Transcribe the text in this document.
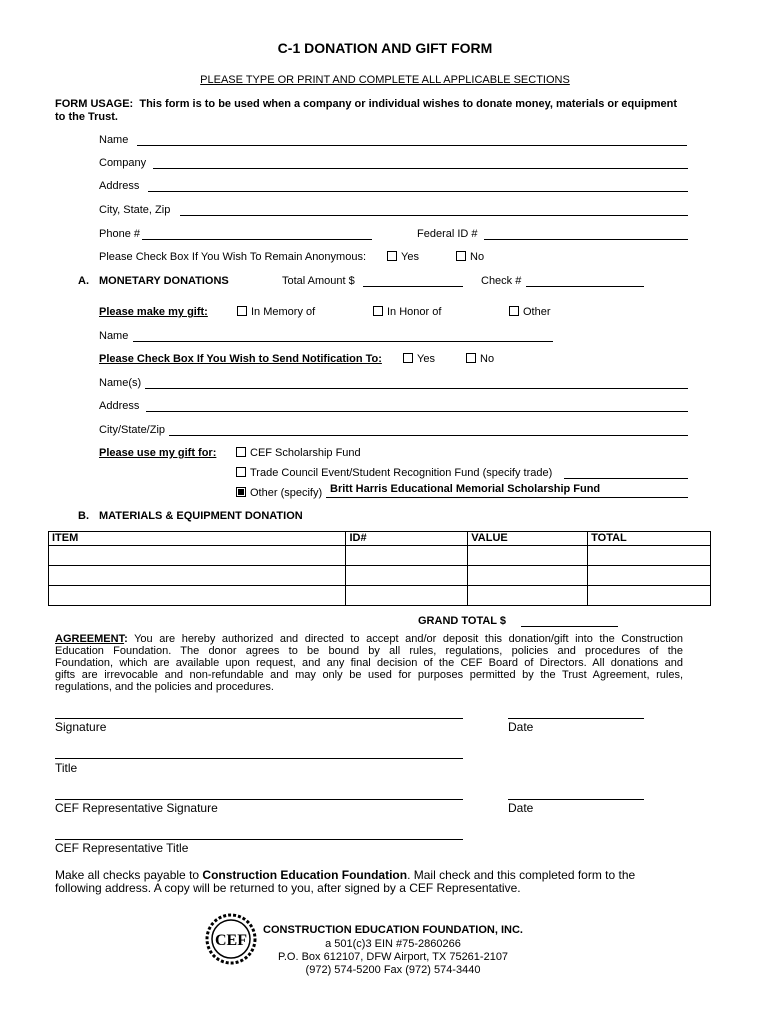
C-1 DONATION AND GIFT FORM
PLEASE TYPE OR PRINT AND COMPLETE ALL APPLICABLE SECTIONS
FORM USAGE: This form is to be used when a company or individual wishes to donate money, materials or equipment
to the Trust.
Name
Company
Address
City, State, Zip
Phone #	Federal ID #
Please Check Box If You Wish To Remain Anonymous:	Yes	No
A. MONETARY DONATIONS	Total Amount $	Check #
Please make my gift:	In Memory of	In Honor of	Other
Name
Please Check Box If You Wish to Send Notification To:	Yes	No
Name(s)
Address
City/State/Zip
Please use my gift for:	CEF Scholarship Fund
Trade Council Event/Student Recognition Fund (specify trade)
Other (specify) Britt Harris Educational Memorial Scholarship Fund
B. MATERIALS & EQUIPMENT DONATION
ITEM	ID#	VALUE	TOTAL

GRAND TOTAL $
AGREEMENT: You are hereby authorized and directed to accept and/or deposit this donation/gift into the Construction
Education Foundation. The donor agrees to be bound by all rules, regulations, policies and procedures of the
Foundation, which are available upon request, and any final decision of the CEF Board of Directors. All donations and
gifts are irrevocable and non-refundable and may only be used for purposes permitted by the Trust Agreement, rules,
regulations, and the policies and procedures.
Signature	Date
Title
CEF Representative Signature	Date
CEF Representative Title
Make all checks payable to Construction Education Foundation. Mail check and this completed form to the
following address. A copy will be returned to you, after signed by a CEF Representative.
CEF
CONSTRUCTION EDUCATION FOUNDATION, INC.
a 501(c)3 EIN #75-2860266
P.O. Box 612107, DFW Airport, TX 75261-2107
(972) 574-5200 Fax (972) 574-3440
